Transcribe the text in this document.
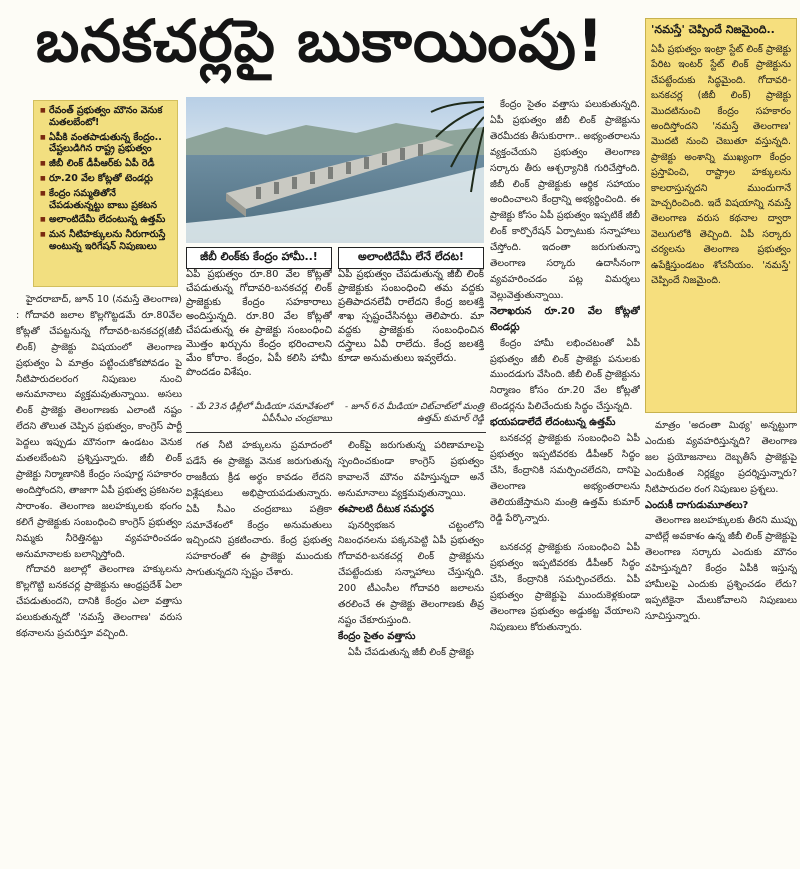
బనకచర్లపై బుకాయింపు!
■ రేవంత్ ప్రభుత్వం మౌనం వెనుక మతలబేంటో!
■ ఏపీకి వంతపాడుతున్న కేంద్రం.. చేష్టలుడిగిన రాష్ట్ర ప్రభుత్వం
■ జీబీ లింక్ డీపీఆర్‌కు ఏపీ రెడీ
■ రూ.20 వేల కోట్లతో టెండర్లు
■ కేంద్రం సమ్మతితోనే చేపడుతున్నట్టు బాబు ప్రకటన
■ అలాంటిదేమీ లేదంటున్న ఉత్తమ్
■ మన నీటిహక్కులను నీరుగారుస్తే అంటున్న ఇరిగేషన్ నిపుణులు

హైదరాబాద్, జూన్ 10 (నమస్తే తెలంగాణ) : గోదావరి జలాల కొల్లగొట్టడమే రూ.80వేల కోట్లతో చేపట్టనున్న గోదావరి-బనకచర్ల(జీబీ లింక్) ప్రాజెక్టు విషయంలో తెలంగాణ ప్రభుత్వం ఏ మాత్రం పట్టించుకోకపోవడం పై నీటిపారుదలరంగ నిపుణుల నుంచి అనుమానాలు వ్యక్తమవుతున్నాయి. అసలు లింక్ ప్రాజెక్టు తెలంగాణకు ఎలాంటి నష్టం లేదని తొలుత చెప్పిన ప్రభుత్వం, కాంగ్రెస్ పార్టీ పెద్దలు ఇప్పుడు మౌనంగా ఉండటం వెనుక మతలబేంటని ప్రశ్నిస్తున్నారు. జీబీ లింక్ ప్రాజెక్టు నిర్మాణానికి కేంద్రం సంపూర్ణ సహకారం అందిస్తోందని, తాజాగా ఏపీ ప్రభుత్వ ప్రకటనల సారాంశం. తెలంగాణ జలహక్కులకు భంగం కలిగే ప్రాజెక్టుకు సంబంధించి కాంగ్రెస్ ప్రభుత్వం నిమ్మకు నీరెత్తినట్టు వ్యవహరించడం అనుమానాలకు బలాన్నిస్తోంది.

గోదావరి జలాల్లో తెలంగాణ హక్కులను కొల్లగొట్టి బనకచర్ల ప్రాజెక్టును ఆంధ్రప్రదేశ్ ఏలా చేపడుతుందని, దానికి కేంద్రం ఎలా వత్తాసు పలుకుతున్నదో 'నమస్తే తెలంగాణ' వరుస కథనాలను ప్రచురిస్తూ వచ్చింది.

జీబీ లింక్‌కు కేంద్రం హామీ..!
ఏపీ ప్రభుత్వం రూ.80 వేల కోట్లతో చేపడుతున్న గోదావరి-బనకచర్ల లింక్ ప్రాజెక్టుకు కేంద్రం సహకారాలు అందిస్తున్నది. రూ.80 వేల కోట్లతో చేపడుతున్న ఈ ప్రాజెక్టు సంబంధించి మొత్తం ఖర్చును కేంద్రం భరించాలని మేం కోరాం. కేంద్రం, ఏపీ కలిసి హామీ పొందడం విశేషం.
- మే 23న ఢిల్లీలో మీడియా సమావేశంలో ఏపీసీఎం చంద్రబాబు
అలాంటిదేమీ లేనే లేదట!
ఏపీ ప్రభుత్వం చేపడుతున్న జీబీ లింక్ ప్రాజెక్టుకు సంబంధించి తమ వద్దకు ప్రతిపాదనలేవీ రాలేదని కేంద్ర జలశక్తి శాఖ స్పష్టంచేసినట్టు తెలిపారు. మా వద్దకు ప్రాజెక్టుకు సంబంధించిన దస్త్రాలు ఏవీ రాలేదు. కేంద్ర జలశక్తి కూడా అనుమతులు ఇవ్వలేదు.
- జూన్ 6న మీడియా చిట్‌చాట్‌లో మంత్రి ఉత్తమ్ కుమార్ రెడ్డి

కేంద్రం సైతం వత్తాసు పలుకుతున్నది. ఏపీ ప్రభుత్వం జీబీ లింక్ ప్రాజెక్టును తెరమీదకు తీసుకురాగా.. అభ్యంతరాలను వ్యక్తంచేయని ప్రభుత్వం తెలంగాణ సర్కారు తీరు ఆశ్చర్యానికి గురిచేస్తోంది. జీబీ లింక్ ప్రాజెక్టుకు ఆర్థిక సహాయం అందించాలని కేంద్రాన్ని అభ్యర్థించింది. ఈ ప్రాజెక్టు కోసం ఏపీ ప్రభుత్వం ఇప్పటికే జీబీ లింక్ కార్పొరేషన్ ఏర్పాటుకు సన్నాహాలు చేస్తోంది. ఇదంతా జరుగుతున్నా తెలంగాణ సర్కారు ఉదాసీనంగా వ్యవహరించడం పట్ల విమర్శలు వెల్లువెత్తుతున్నాయి.

నెలాఖరున రూ.20 వేల కోట్లతో టెండర్లు

కేంద్రం హామీ లభించటంతో ఏపీ ప్రభుత్వం జీబీ లింక్ ప్రాజెక్టు పనులకు ముందడుగు వేసింది. జీబీ లింక్ ప్రాజెక్టును నిర్మాణం కోసం రూ.20 వేల కోట్లతో టెండర్లను పిలిచేందుకు సిద్ధం చేస్తున్నది.

భయపడాలేదే లేదంటున్న ఉత్తమ్

బనకచర్ల ప్రాజెక్టుకు సంబంధించి ఏపీ ప్రభుత్వం ఇప్పటివరకు డీపీఆర్ సిద్ధం చేసి, కేంద్రానికి సమర్పించలేదని, దానిపై తెలంగాణ అభ్యంతరాలను తెలియజేస్తామని మంత్రి ఉత్తమ్ కుమార్ రెడ్డి పేర్కొన్నారు.

'నమస్తే' చెప్పిందే నిజమైంది..
ఏపీ ప్రభుత్వం ఇంట్రా స్టేట్ లింక్ ప్రాజెక్టు పేరిట ఇంటర్ స్టేట్ లింక్ ప్రాజెక్టును చేపట్టేందుకు సిద్ధమైంది. గోదావరి-బనకచర్ల (జీబీ లింక్) ప్రాజెక్టు మొదటినుంచి కేంద్రం సహకారం అందిస్తోందని 'నమస్తే తెలంగాణ' మొదటి నుంచి చెబుతూ వస్తున్నది. ప్రాజెక్టు అంశాన్ని ముఖ్యంగా కేంద్రం ప్రస్తావించి, రాష్ట్రాల హక్కులను కాలరాస్తున్నదని ముందుగానే హెచ్చరించింది. ఇదే విషయాన్ని నమస్తే తెలంగాణ వరుస కథనాల ద్వారా వెలుగులోకి తెచ్చింది. ఏపీ సర్కారు చర్యలను తెలంగాణ ప్రభుత్వం ఉపేక్షిస్తుండటం శోచనీయం. 'నమస్తే' చెప్పిందే నిజమైంది.

గత నీటి హక్కులను ప్రమాదంలో పడేసే ఈ ప్రాజెక్టు వెనుక జరుగుతున్న రాజకీయ క్రీడ అర్థం కావడం లేదని విశ్లేషకులు అభిప్రాయపడుతున్నారు. ఏపీ సీఎం చంద్రబాబు పత్రికా సమావేశంలో కేంద్రం అనుమతులు ఇచ్చిందని ప్రకటించారు. కేంద్ర ప్రభుత్వ సహకారంతో ఈ ప్రాజెక్టు ముందుకు సాగుతున్నదని స్పష్టం చేశారు.

లింక్‌పై జరుగుతున్న పరిణామాలపై స్పందించకుండా కాంగ్రెస్ ప్రభుత్వం కావాలనే మౌనం వహిస్తున్నదా అనే అనుమానాలు వ్యక్తమవుతున్నాయి.

ఈపాలటి దీటుక సమర్థన

పునర్విభజన చట్టంలోని నిబంధనలను పక్కనపెట్టి ఏపీ ప్రభుత్వం గోదావరి-బనకచర్ల లింక్ ప్రాజెక్టును చేపట్టేందుకు సన్నాహాలు చేస్తున్నది. 200 టీఎంసీల గోదావరి జలాలను తరలించే ఈ ప్రాజెక్టు తెలంగాణకు తీవ్ర నష్టం చేకూరుస్తుంది.

కేంద్రం సైతం వత్తాసు

ఏపీ చేపడుతున్న జీబీ లింక్ ప్రాజెక్టు

బనకచర్ల ప్రాజెక్టుకు సంబంధించి ఏపీ ప్రభుత్వం ఇప్పటివరకు డీపీఆర్ సిద్ధం చేసి, కేంద్రానికి సమర్పించలేదు. ఏపీ ప్రభుత్వం ప్రాజెక్టుపై ముందుకెళ్లకుండా తెలంగాణ ప్రభుత్వం అడ్డుకట్ట వేయాలని నిపుణులు కోరుతున్నారు.

మాత్రం 'అదంతా మిథ్య' అన్నట్టుగా ఎందుకు వ్యవహరిస్తున్నది? తెలంగాణ జల ప్రయోజనాలు దెబ్బతీసే ప్రాజెక్టుపై ఎందుకింత నిర్లక్ష్యం ప్రదర్శిస్తున్నారు? నీటిపారుదల రంగ నిపుణుల ప్రశ్నలు.

ఎందుకీ దాగుడుమూతలు?

తెలంగాణ జలహక్కులకు తీరని ముప్పు వాటిల్లే అవకాశం ఉన్న జీబీ లింక్ ప్రాజెక్టుపై తెలంగాణ సర్కారు ఎందుకు మౌనం వహిస్తున్నది? కేంద్రం ఏపీకి ఇస్తున్న హామీలపై ఎందుకు ప్రశ్నించడం లేదు? ఇప్పటికైనా మేలుకోవాలని నిపుణులు సూచిస్తున్నారు.
